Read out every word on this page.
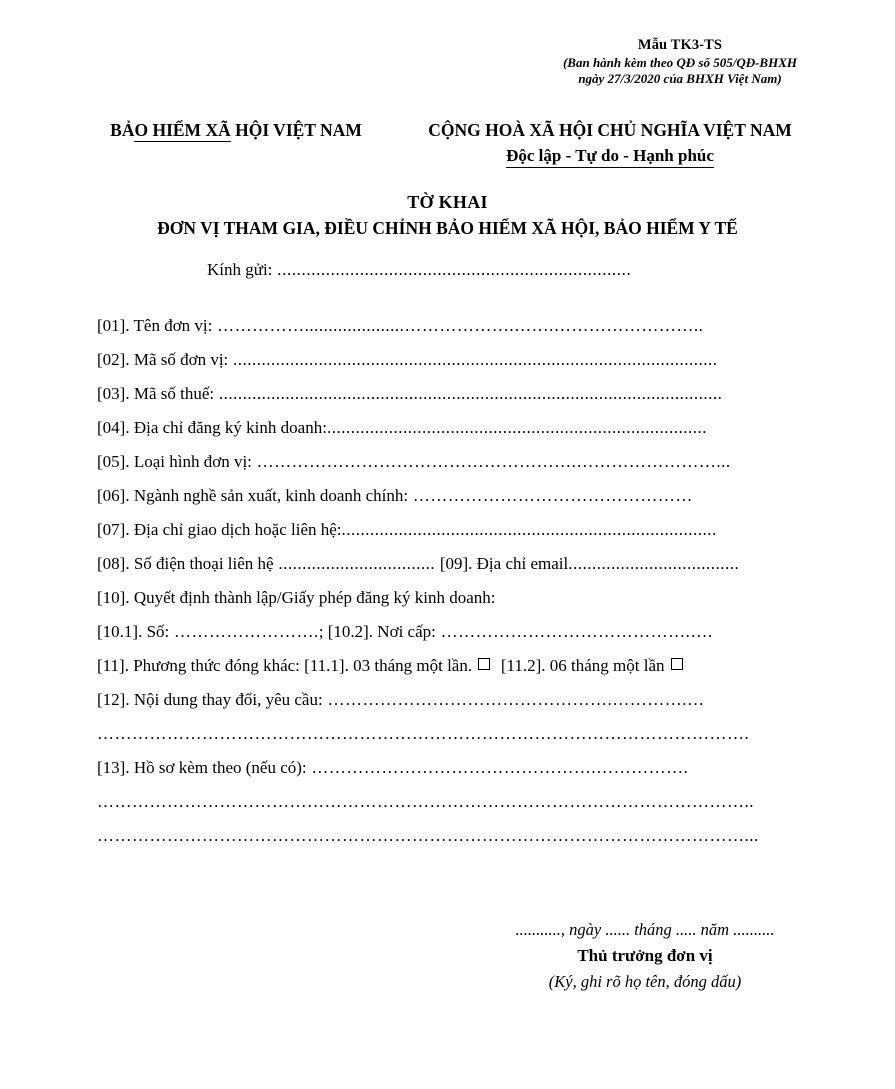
Mẫu TK3-TS
(Ban hành kèm theo QĐ số 505/QĐ-BHXH
ngày 27/3/2020 của BHXH Việt Nam)
BẢO HIỂM XÃ HỘI VIỆT NAM	CỘNG HOÀ XÃ HỘI CHỦ NGHĨA VIỆT NAM
Độc lập - Tự do - Hạnh phúc
TỜ KHAI
ĐƠN VỊ THAM GIA, ĐIỀU CHỈNH BẢO HIỂM XÃ HỘI, BẢO HIỂM Y TẾ
Kính gửi: .........................................................................
[01]. Tên đơn vị: …………….....................……………….…….……………………..
[02]. Mã số đơn vị: ......................................................................................................
[03]. Mã số thuế: ..........................................................................................................
[04]. Địa chỉ đăng ký kinh doanh:................................................................................
[05]. Loại hình đơn vị: ……………………………………………….……………………...
[06]. Ngành nghề sản xuất, kinh doanh chính: …………………………………………
[07]. Địa chỉ giao dịch hoặc liên hệ:...............................................................................
[08]. Số điện thoại liên hệ ................................. [09]. Địa chỉ email....................................
[10]. Quyết định thành lập/Giấy phép đăng ký kinh doanh:
[10.1]. Số: …………………….; [10.2]. Nơi cấp: …………………………………….….
[11]. Phương thức đóng khác: [11.1]. 03 tháng một lần. [11.2]. 06 tháng một lần
[12]. Nội dung thay đổi, yêu cầu: ………………………………………….………….…
………………………………………………………………………………………………….
[13]. Hồ sơ kèm theo (nếu có): ………………………………………….…………….
…………………………………………………………………………………………………..
…………………………………………………………………………………………………...
..........., ngày ...... tháng ..... năm ..........
Thủ trưởng đơn vị
(Ký, ghi rõ họ tên, đóng dấu)
